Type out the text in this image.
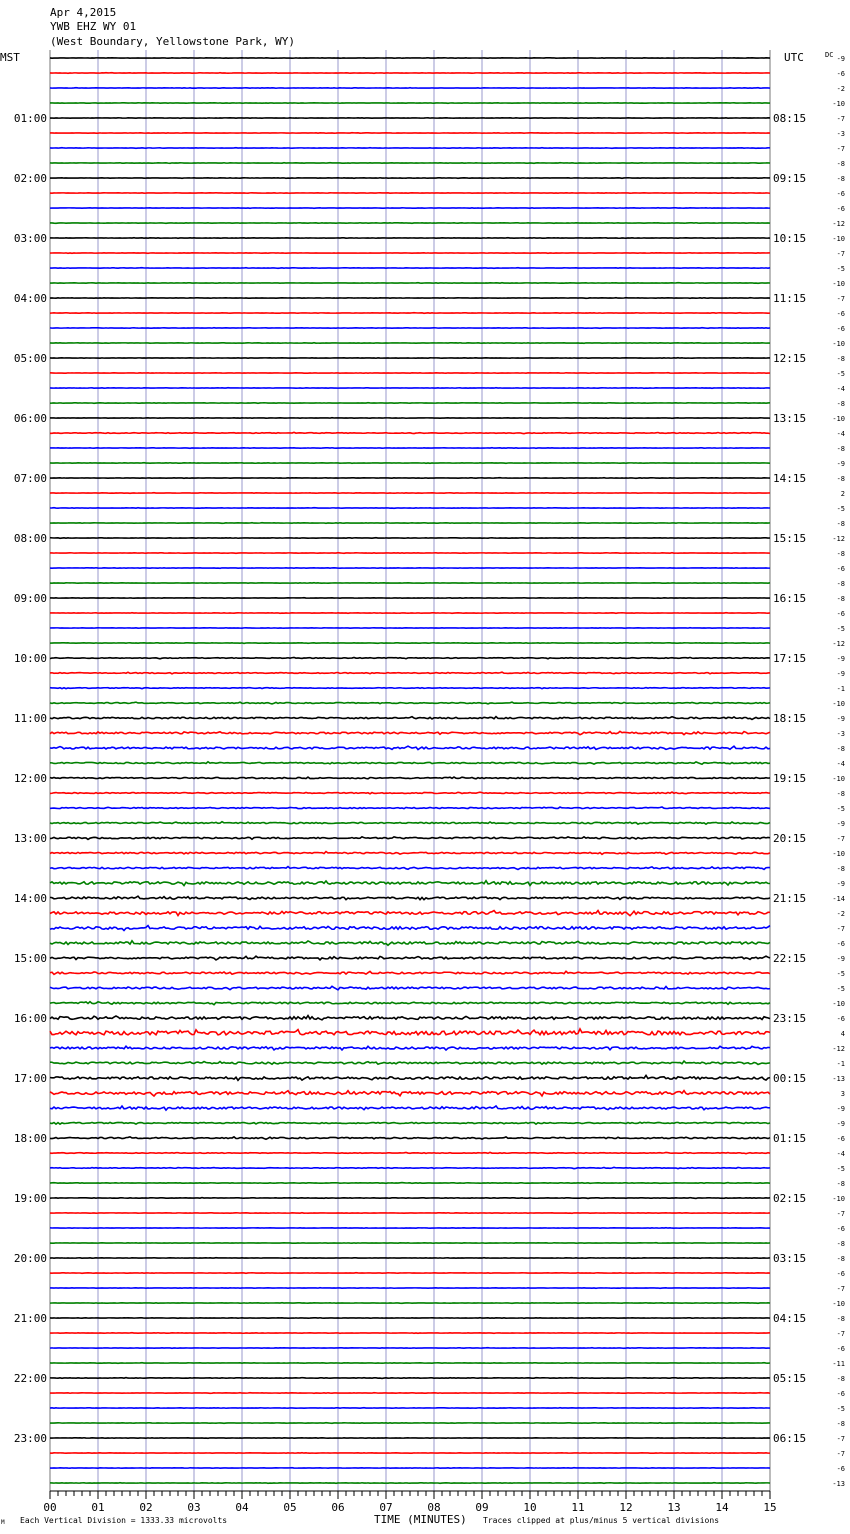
Apr 4,2015
YWB EHZ WY 01
(West Boundary, Yellowstone Park, WY)
MST	UTC	DC
01:00
02:00
03:00
04:00
05:00
06:00
07:00
08:00
09:00
10:00
11:00
12:00
13:00
14:00
15:00
16:00
17:00
18:00
19:00
20:00
21:00
22:00
23:00
08:15
09:15
10:15
11:15
12:15
13:15
14:15
15:15
16:15
17:15
18:15
19:15
20:15
21:15
22:15
23:15
00:15
01:15
02:15
03:15
04:15
05:15
06:15
-9
-6
-2
-10
-7
-3
-7
-8
-8
-6
-6
-12
-10
-7
-5
-10
-7
-6
-6
-10
-8
-5
-4
-8
-10
-4
-8
-9
-8
2
-5
-8
-12
-8
-6
-8
-8
-6
-5
-12
-9
-9
-1
-10
-9
-3
-8
-4
-10
-8
-5
-9
-7
-10
-8
-9
-14
-2
-7
-6
-9
-5
-5
-10
-6
4
-12
-1
-13
3
-9
-9
-6
-4
-5
-8
-10
-7
-6
-8
-8
-6
-7
-10
-8
-7
-6
-11
-8
-6
-5
-8
-7
-7
-6
-13
00	01	02	03	04	05	06	07	08	09	10	11	12	13	14	15
M Each Vertical Division = 1333.33 microvolts	TIME (MINUTES) Traces clipped at plus/minus 5 vertical divisions
